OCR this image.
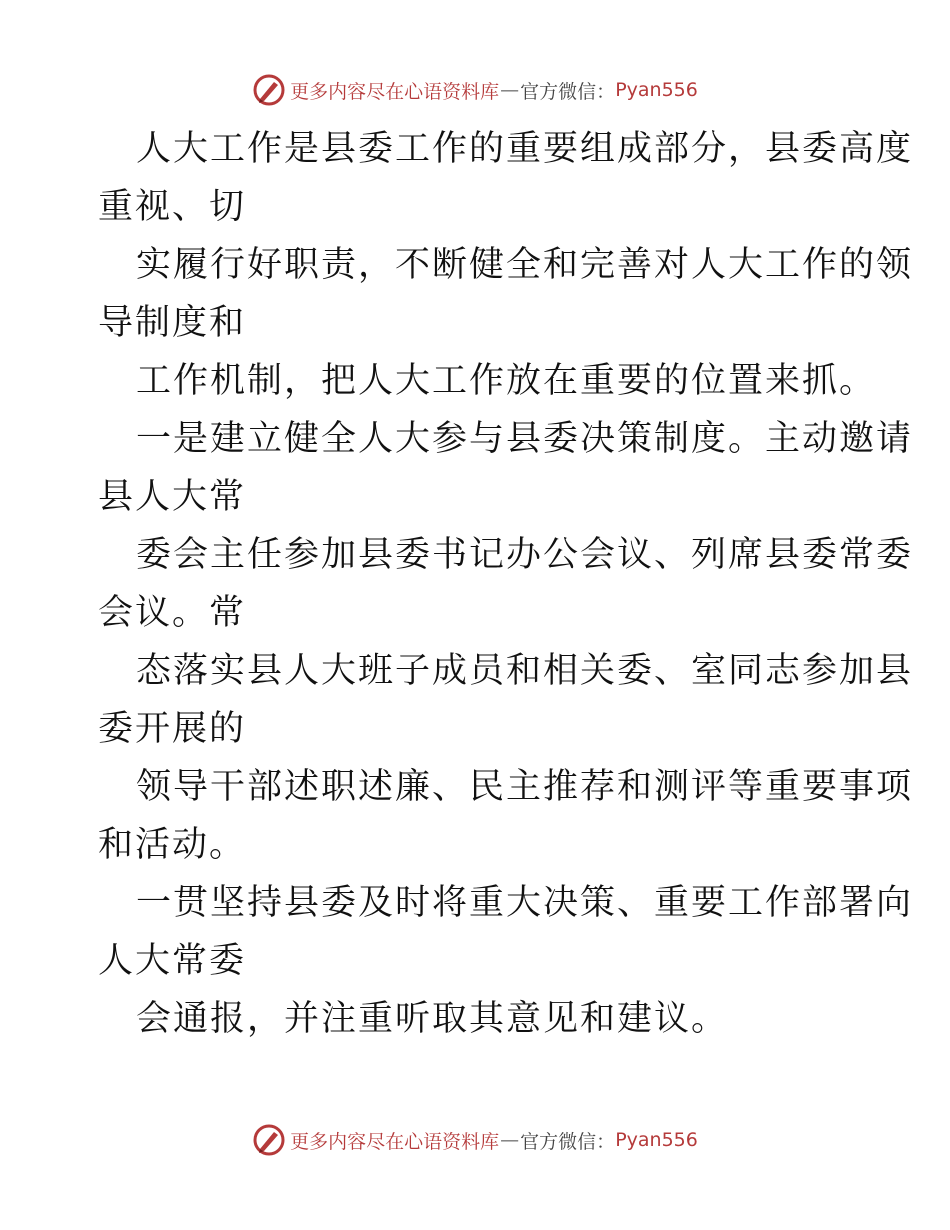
更多内容尽在心语资料库 — 官方微信： Pyan556
人大工作是县委工作的重要组成部分，县委高度
重视、切
实履行好职责，不断健全和完善对人大工作的领
导制度和
工作机制，把人大工作放在重要的位置来抓。
一是建立健全人大参与县委决策制度。主动邀请
县人大常
委会主任参加县委书记办公会议、列席县委常委
会议。常
态落实县人大班子成员和相关委、室同志参加县
委开展的
领导干部述职述廉、民主推荐和测评等重要事项
和活动。
一贯坚持县委及时将重大决策、重要工作部署向
人大常委
会通报，并注重听取其意见和建议。
更多内容尽在心语资料库 — 官方微信： Pyan556
